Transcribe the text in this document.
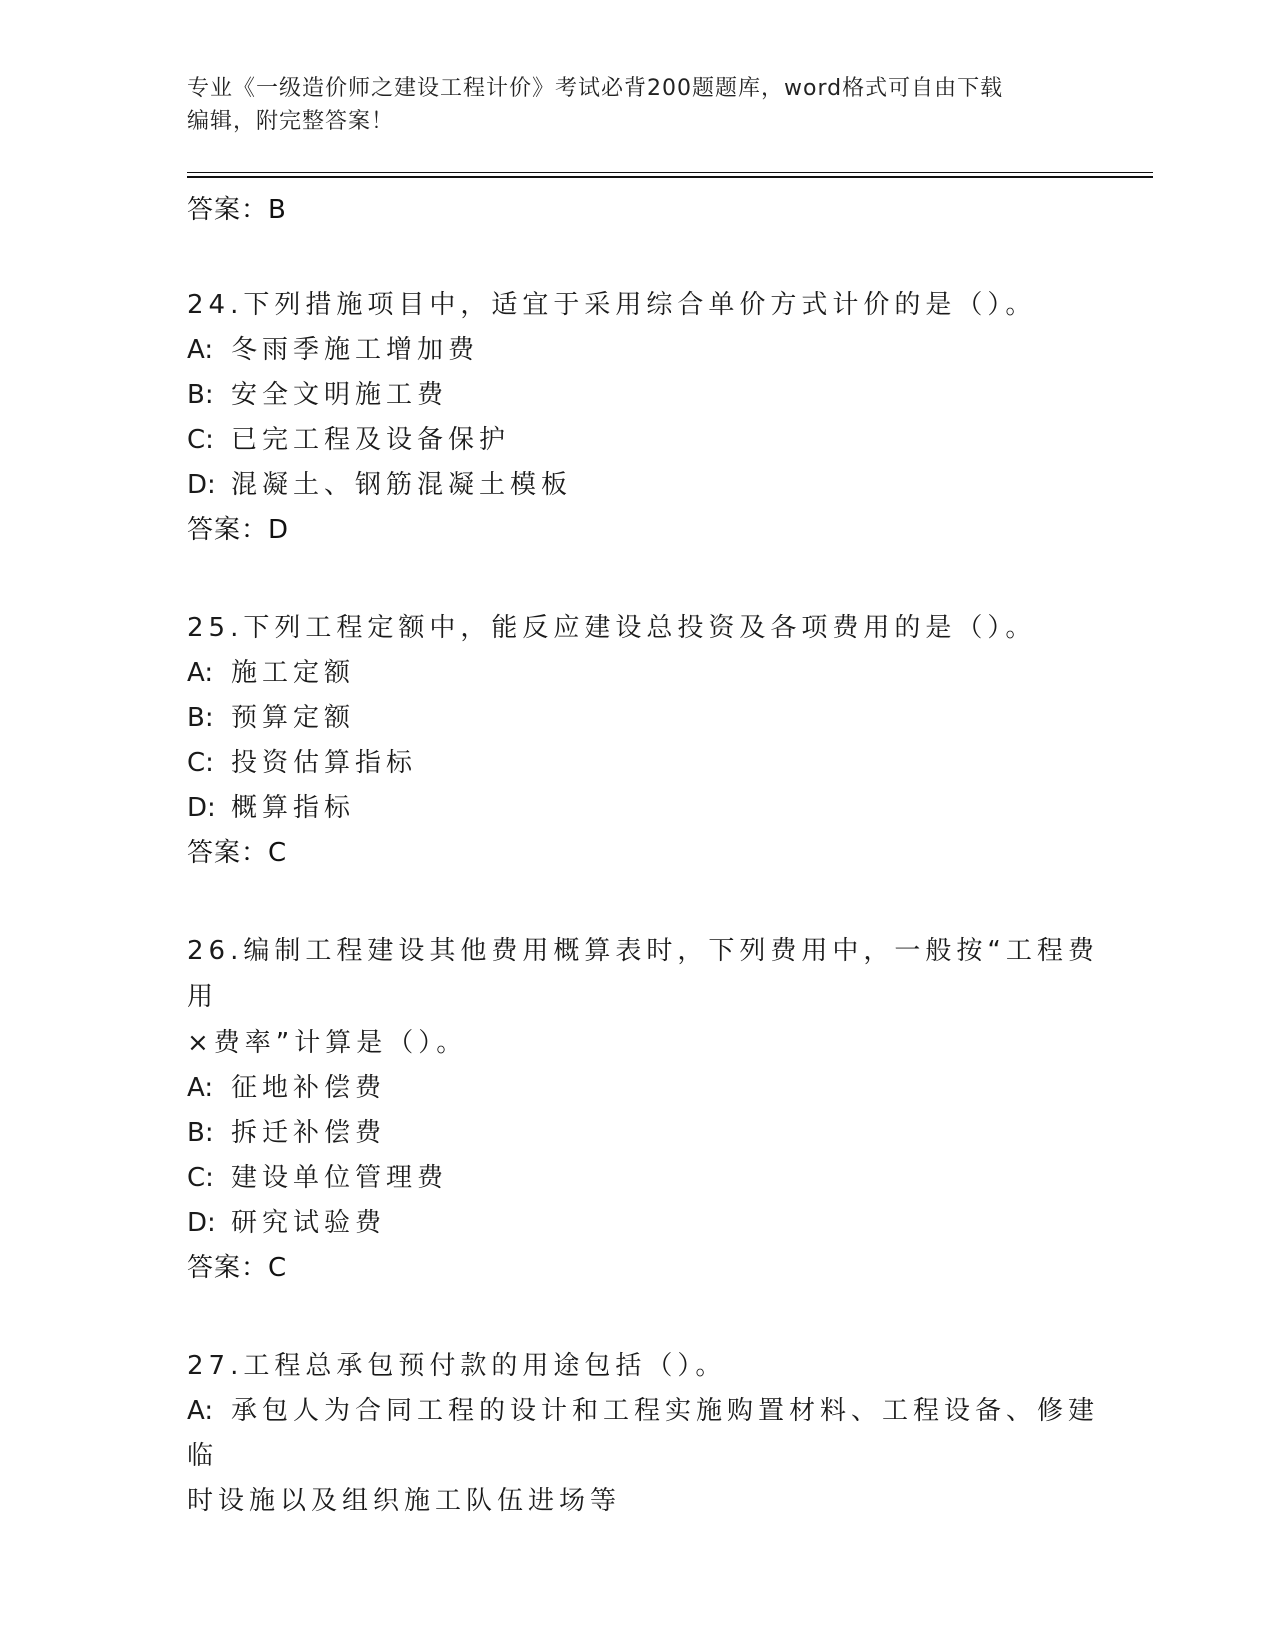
专业《一级造价师之建设工程计价》考试必背200题题库，word格式可自由下载
编辑，附完整答案！
答案：B
24.下列措施项目中，适宜于采用综合单价方式计价的是（）。
A: 冬雨季施工增加费
B: 安全文明施工费
C: 已完工程及设备保护
D: 混凝土、钢筋混凝土模板
答案：D
25.下列工程定额中，能反应建设总投资及各项费用的是（）。
A: 施工定额
B: 预算定额
C: 投资估算指标
D: 概算指标
答案：C
26.编制工程建设其他费用概算表时，下列费用中，一般按“工程费用
×费率”计算是（）。
A: 征地补偿费
B: 拆迁补偿费
C: 建设单位管理费
D: 研究试验费
答案：C
27.工程总承包预付款的用途包括（）。
A: 承包人为合同工程的设计和工程实施购置材料、工程设备、修建临
时设施以及组织施工队伍进场等
